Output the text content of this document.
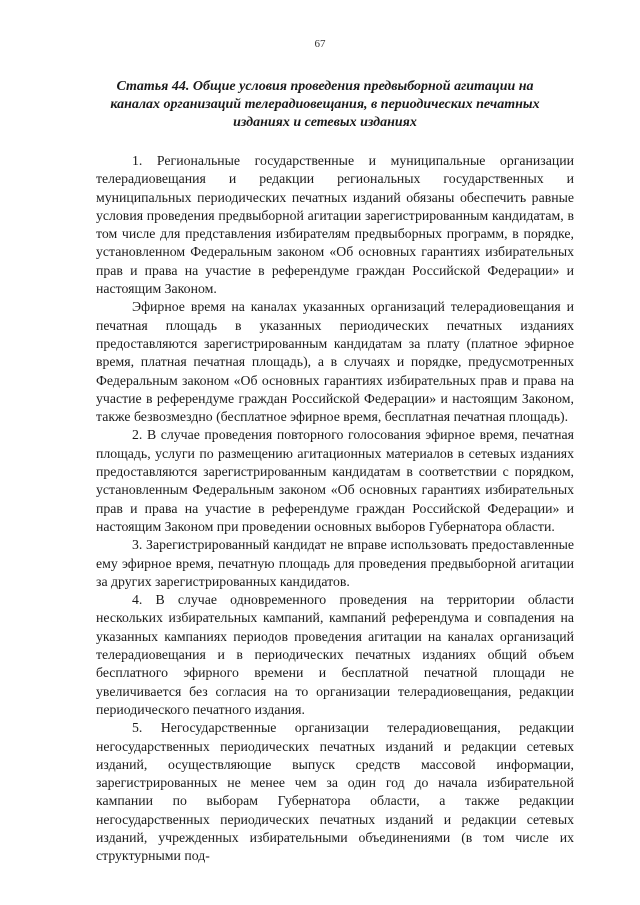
67
Статья 44. Общие условия проведения предвыборной агитации на каналах организаций телерадиовещания, в периодических печатных изданиях и сетевых изданиях

1. Региональные государственные и муниципальные организации телерадиовещания и редакции региональных государственных и муниципальных периодических печатных изданий обязаны обеспечить равные условия проведения предвыборной агитации зарегистрированным кандидатам, в том числе для представления избирателям предвыборных программ, в порядке, установленном Федеральным законом «Об основных гарантиях избирательных прав и права на участие в референдуме граждан Российской Федерации» и настоящим Законом.

Эфирное время на каналах указанных организаций телерадиовещания и печатная площадь в указанных периодических печатных изданиях предоставляются зарегистрированным кандидатам за плату (платное эфирное время, платная печатная площадь), а в случаях и порядке, предусмотренных Федеральным законом «Об основных гарантиях избирательных прав и права на участие в референдуме граждан Российской Федерации» и настоящим Законом, также безвозмездно (бесплатное эфирное время, бесплатная печатная площадь).

2. В случае проведения повторного голосования эфирное время, печатная площадь, услуги по размещению агитационных материалов в сетевых изданиях предоставляются зарегистрированным кандидатам в соответствии с порядком, установленным Федеральным законом «Об основных гарантиях избирательных прав и права на участие в референдуме граждан Российской Федерации» и настоящим Законом при проведении основных выборов Губернатора области.

3. Зарегистрированный кандидат не вправе использовать предоставленные ему эфирное время, печатную площадь для проведения предвыборной агитации за других зарегистрированных кандидатов.

4. В случае одновременного проведения на территории области нескольких избирательных кампаний, кампаний референдума и совпадения на указанных кампаниях периодов проведения агитации на каналах организаций телерадиовещания и в периодических печатных изданиях общий объем бесплатного эфирного времени и бесплатной печатной площади не увеличивается без согласия на то организации телерадиовещания, редакции периодического печатного издания.

5. Негосударственные организации телерадиовещания, редакции негосударственных периодических печатных изданий и редакции сетевых изданий, осуществляющие выпуск средств массовой информации, зарегистрированных не менее чем за один год до начала избирательной кампании по выборам Губернатора области, а также редакции негосударственных периодических печатных изданий и редакции сетевых изданий, учрежденных избирательными объединениями (в том числе их структурными под-
